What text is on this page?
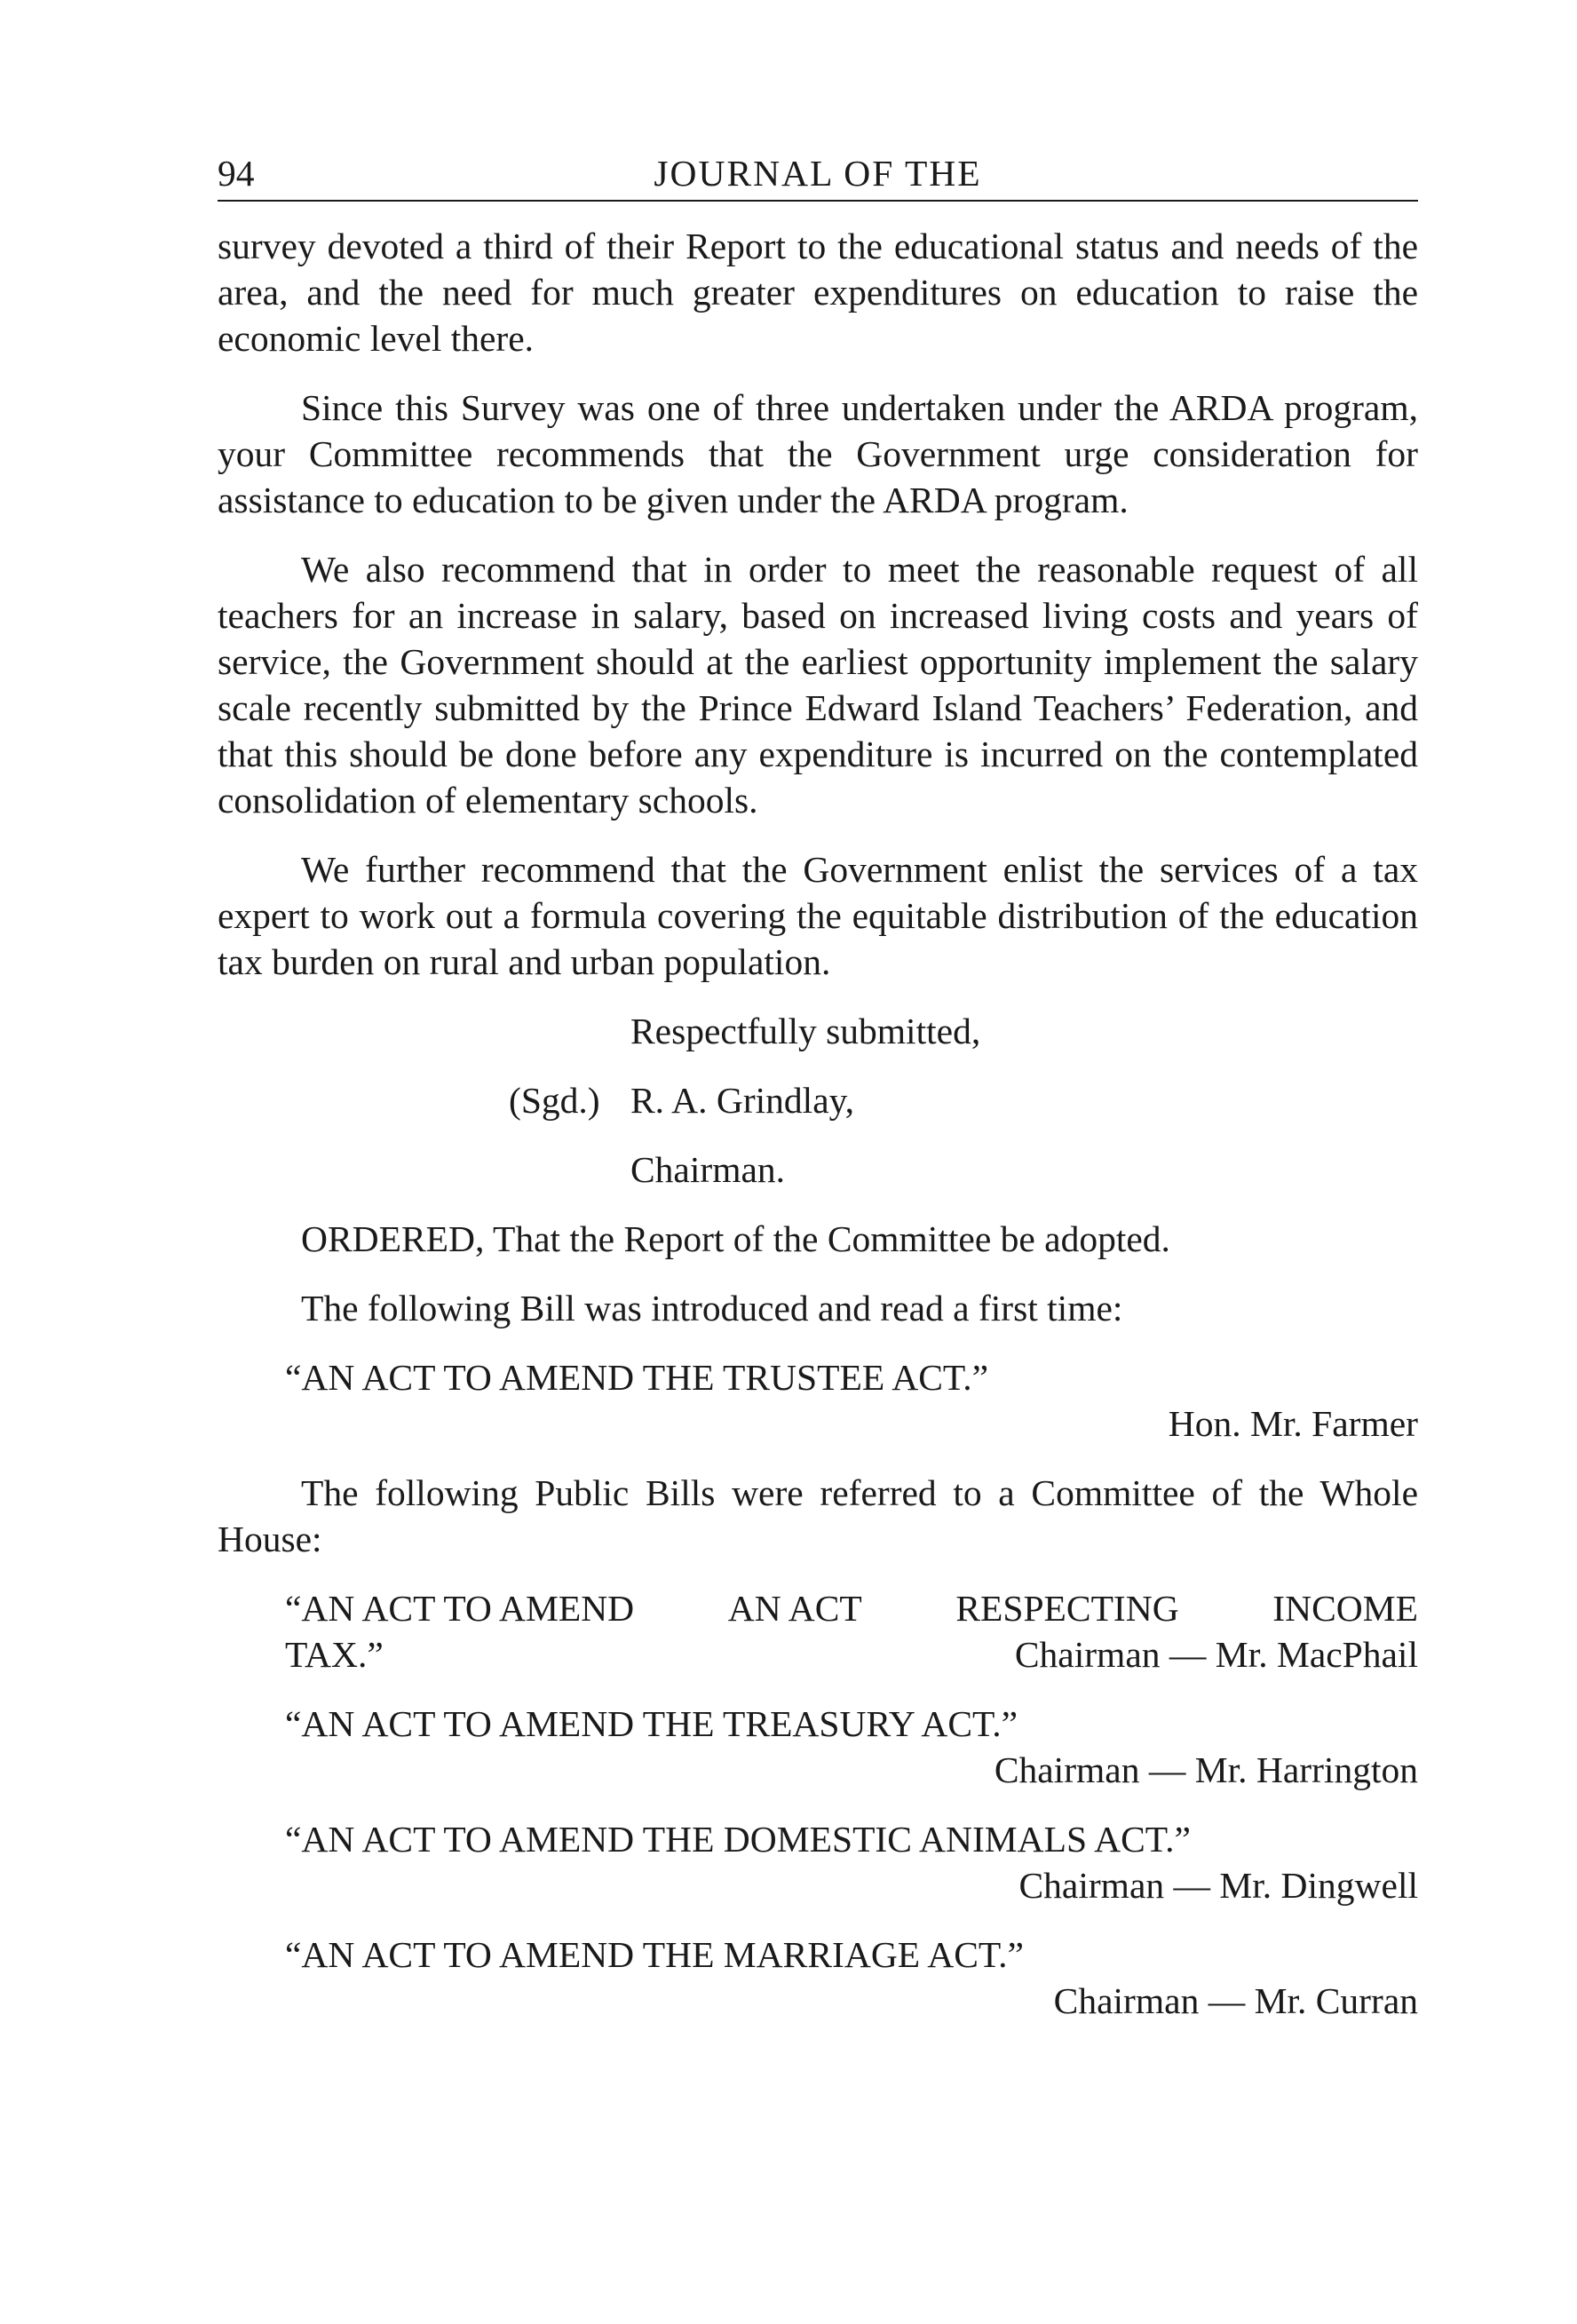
94	JOURNAL OF THE

survey devoted a third of their Report to the educational status and needs of the area, and the need for much greater expenditures on education to raise the economic level there.

Since this Survey was one of three undertaken under the ARDA program, your Committee recommends that the Government urge consideration for assistance to education to be given under the ARDA program.

We also recommend that in order to meet the reasonable request of all teachers for an increase in salary, based on increased living costs and years of service, the Government should at the earliest opportunity implement the salary scale recently submitted by the Prince Edward Island Teachers’ Federation, and that this should be done before any expenditure is incurred on the contemplated consolidation of elementary schools.

We further recommend that the Government enlist the services of a tax expert to work out a formula covering the equitable distribution of the education tax burden on rural and urban population.

Respectfully submitted,
(Sgd.) R. A. Grindlay,
Chairman.
ORDERED, That the Report of the Committee be adopted.
The following Bill was introduced and read a first time:
“AN ACT TO AMEND THE TRUSTEE ACT.”
Hon. Mr. Farmer

The following Public Bills were referred to a Committee of the Whole House:

“AN ACT TO AMEND	AN ACT	RESPECTING	INCOME
TAX.”	Chairman — Mr. MacPhail
“AN ACT TO AMEND THE TREASURY ACT.”
Chairman — Mr. Harrington
“AN ACT TO AMEND THE DOMESTIC ANIMALS ACT.”
Chairman — Mr. Dingwell
“AN ACT TO AMEND THE MARRIAGE ACT.”
Chairman — Mr. Curran
